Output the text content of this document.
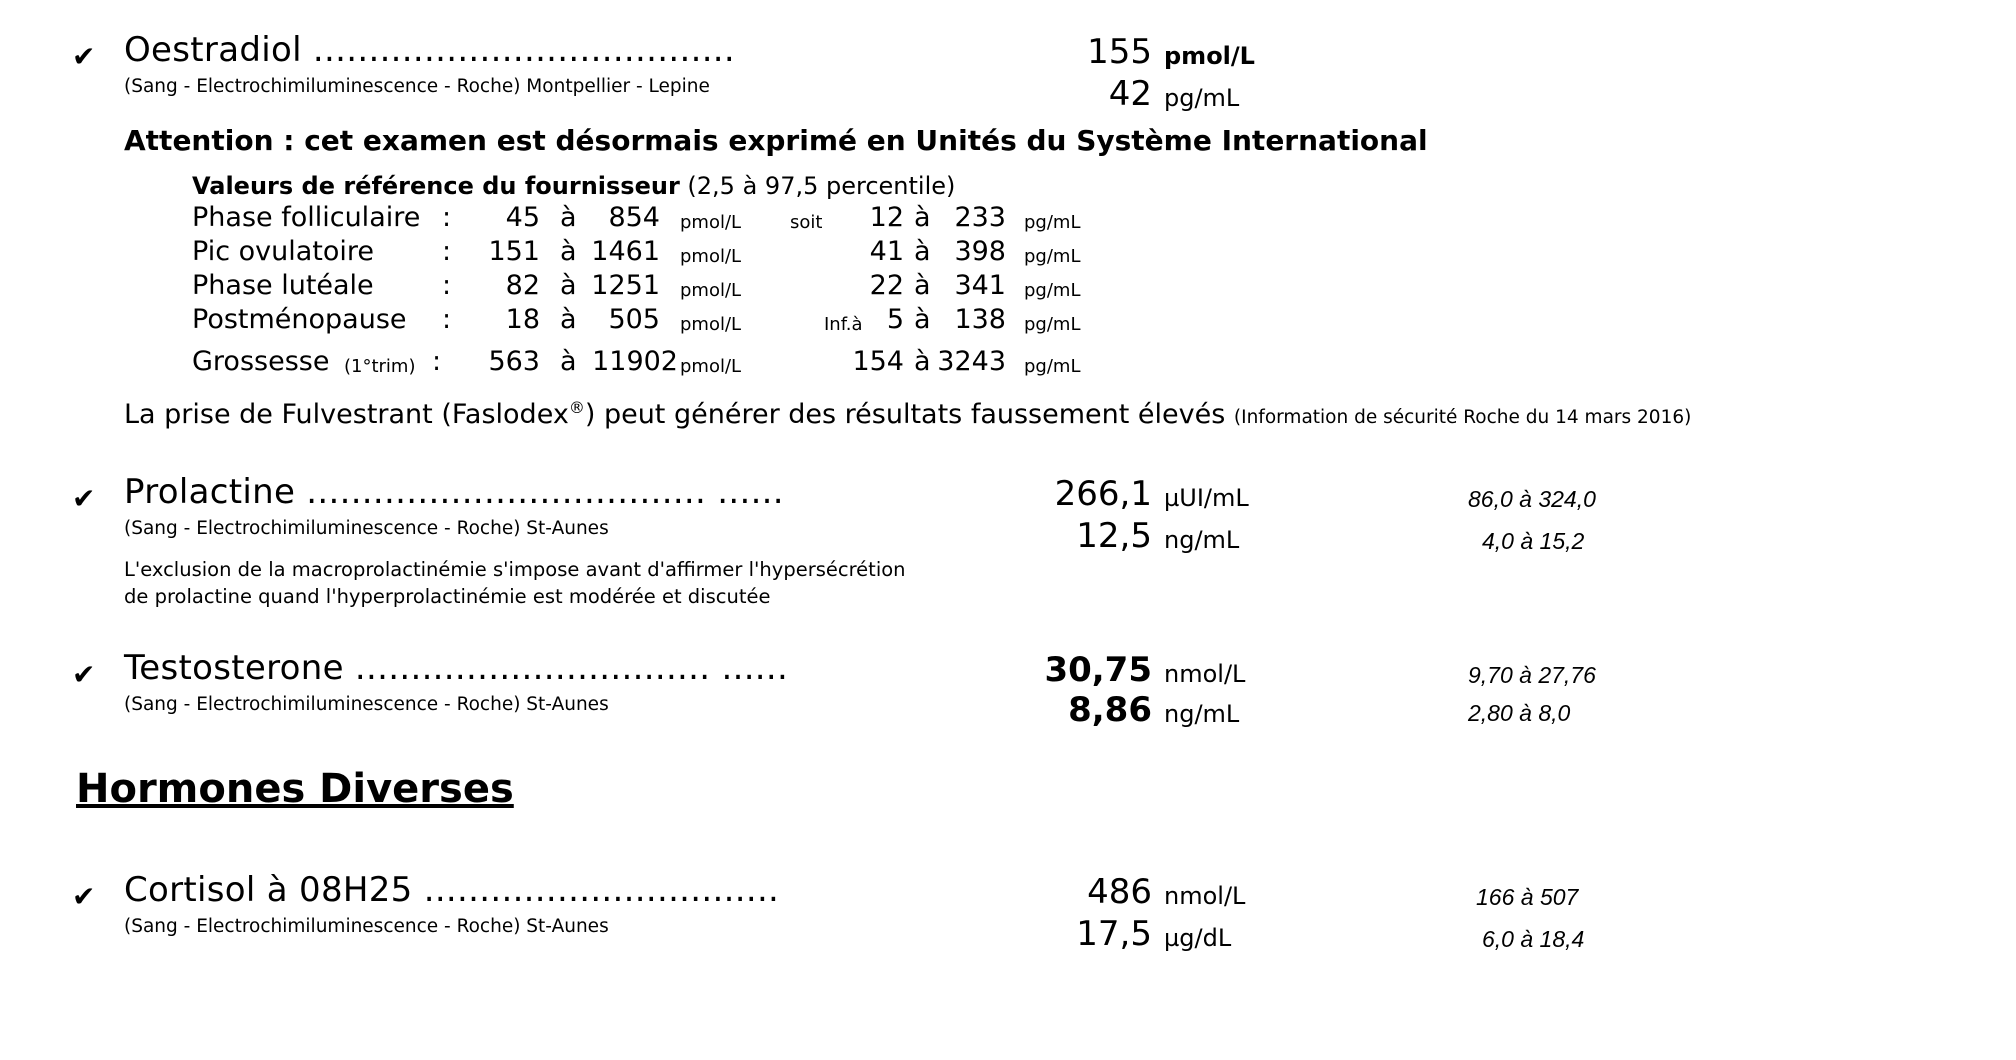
✔ Oestradiol ......................................
(Sang - Electrochimiluminescence - Roche) Montpellier - Lepine
155 pmol/L
42 pg/mL
Attention : cet examen est désormais exprimé en Unités du Système International
Valeurs de référence du fournisseur (2,5 à 97,5 percentile)
Phase folliculaire : 45 à 854 pmol/L	soit 12 à 233 pg/mL
Pic ovulatoire	: 151 à 1461 pmol/L	41 à 398 pg/mL
Phase lutéale	: 82 à 1251 pmol/L	22 à 341 pg/mL
Postménopause : 18 à 505 pmol/L	Inf.à 5 à 138 pg/mL
Grossesse (1°trim) : 563 à 11902 pmol/L	154 à 3243 pg/mL
La prise de Fulvestrant (Faslodex®) peut générer des résultats faussement élevés (Information de sécurité Roche du 14 mars 2016)
✔ Prolactine .................................... ......
(Sang - Electrochimiluminescence - Roche) St-Aunes
L'exclusion de la macroprolactinémie s'impose avant d'affirmer l'hypersécrétion
de prolactine quand l'hyperprolactinémie est modérée et discutée
266,1 µUI/mL	86,0 à 324,0
12,5 ng/mL	4,0 à 15,2
✔ Testosterone ................................ ......
(Sang - Electrochimiluminescence - Roche) St-Aunes
30,75 nmol/L	9,70 à 27,76
8,86 ng/mL	2,80 à 8,0
Hormones Diverses
✔ Cortisol à 08H25 ................................
(Sang - Electrochimiluminescence - Roche) St-Aunes
486 nmol/L	166 à 507
17,5 µg/dL	6,0 à 18,4
